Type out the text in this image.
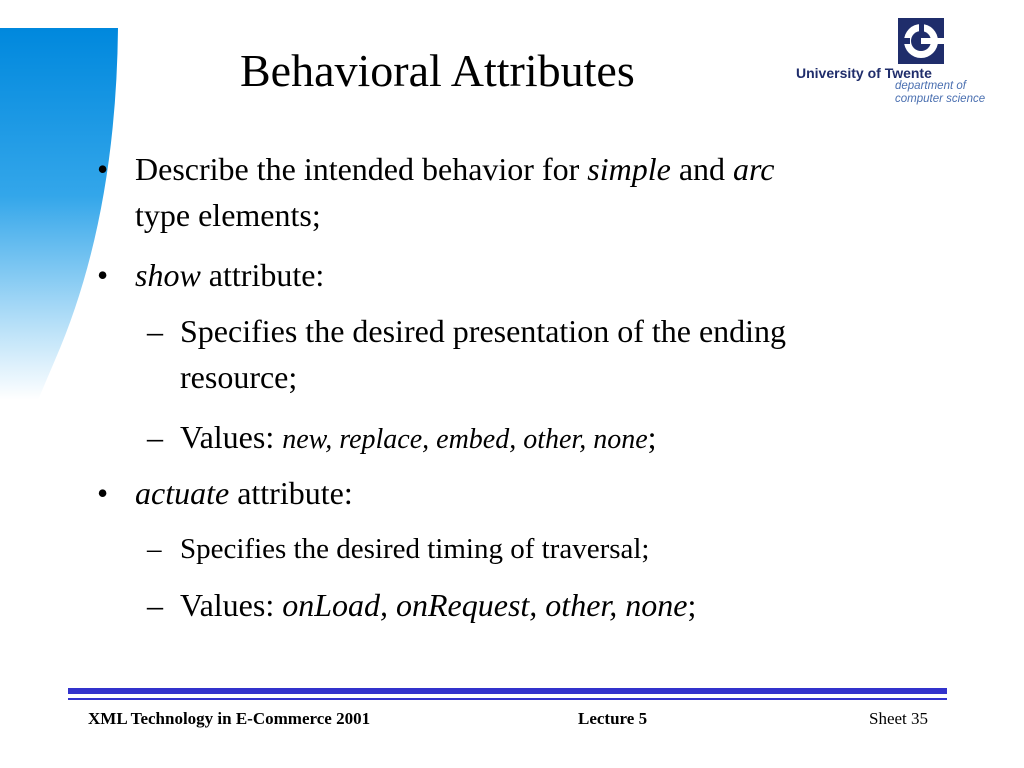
Behavioral Attributes	University of Twente
department of
computer science
• Describe the intended behavior for simple and arc
type elements;
• show attribute:
– Specifies the desired presentation of the ending
resource;
– Values: new, replace, embed, other, none;
• actuate attribute:
– Specifies the desired timing of traversal;
– Values: onLoad, onRequest, other, none;
XML Technology in E-Commerce 2001	Lecture 5	Sheet 35
